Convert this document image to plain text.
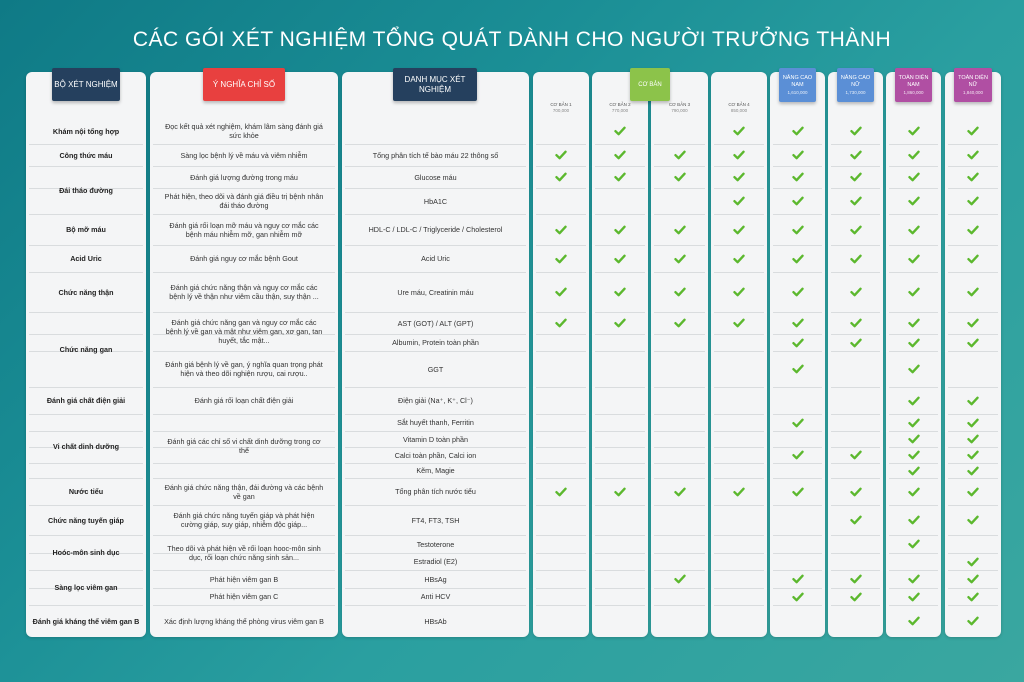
CÁC GÓI XÉT NGHIỆM TỔNG QUÁT DÀNH CHO NGƯỜI TRƯỞNG THÀNH
BỘ XÉT NGHIỆM	Ý NGHĨA CHỈ SỐ
DANH MỤC XÉT NGHIỆM	CƠ BẢN
CƠ BẢN 1
700,000
CƠ BẢN 2
770,000
CƠ BẢN 3
790,000
CƠ BẢN 4
850,000
NÂNG CAO NAM
1,610,000
NÂNG CAO NỮ
1,730,000
TOÀN DIỆN NAM
1,860,000
TOÀN DIỆN NỮ
1,840,000
Khám nội tổng hợp
Công thức máu
Đái tháo đường
Bộ mỡ máu
Acid Uric
Chức năng thận
Chức năng gan
Đánh giá chất điện giải
Vi chất dinh dưỡng
Nước tiểu
Chức năng tuyến giáp
Hoóc-môn sinh dục
Sàng lọc viêm gan
Đánh giá kháng thể viêm gan B
Đọc kết quả xét nghiệm, khám lâm sàng đánh giá sức khỏe
Sàng lọc bệnh lý về máu và viêm nhiễm
Đánh giá lượng đường trong máu
Phát hiện, theo dõi và đánh giá điều trị bệnh nhân đái tháo đường
Đánh giá rối loạn mỡ máu và nguy cơ mắc các bệnh máu nhiễm mỡ, gan nhiễm mỡ
Đánh giá nguy cơ mắc bệnh Gout
Đánh giá chức năng thận và nguy cơ mắc các bệnh lý về thận như viêm cầu thận, suy thận ...
Đánh giá chức năng gan và nguy cơ mắc các bệnh lý về gan và mật như viêm gan, xơ gan, tan huyết, tắc mật...
Đánh giá bệnh lý về gan, ý nghĩa quan trọng phát hiện và theo dõi nghiện rượu, cai rượu..
Đánh giá rối loạn chất điện giải
Đánh giá các chỉ số vi chất dinh dưỡng trong cơ thể
Đánh giá chức năng thận, đái đường và các bệnh về gan
Đánh giá chức năng tuyến giáp và phát hiện cường giáp, suy giáp, nhiễm độc giáp...
Theo dõi và phát hiện về rối loạn hooc-môn sinh dục, rối loạn chức năng sinh sản...
Phát hiện viêm gan B
Phát hiện viêm gan C
Xác định lượng kháng thể phòng virus viêm gan B
Tổng phân tích tế bào máu 22 thông số
Glucose máu
HbA1C
HDL-C / LDL-C / Triglyceride / Cholesterol
Acid Uric
Ure máu, Creatinin máu
AST (GOT) / ALT (GPT)
Albumin, Protein toàn phần
GGT
Điện giải (Na⁺, K⁺, Cl⁻)
Sắt huyết thanh, Ferritin
Vitamin D toàn phần
Calci toàn phần, Calci ion
Kẽm, Magie
Tổng phân tích nước tiểu
FT4, FT3, TSH
Testoterone
Estradiol (E2)
HBsAg
Anti HCV
HBsAb
